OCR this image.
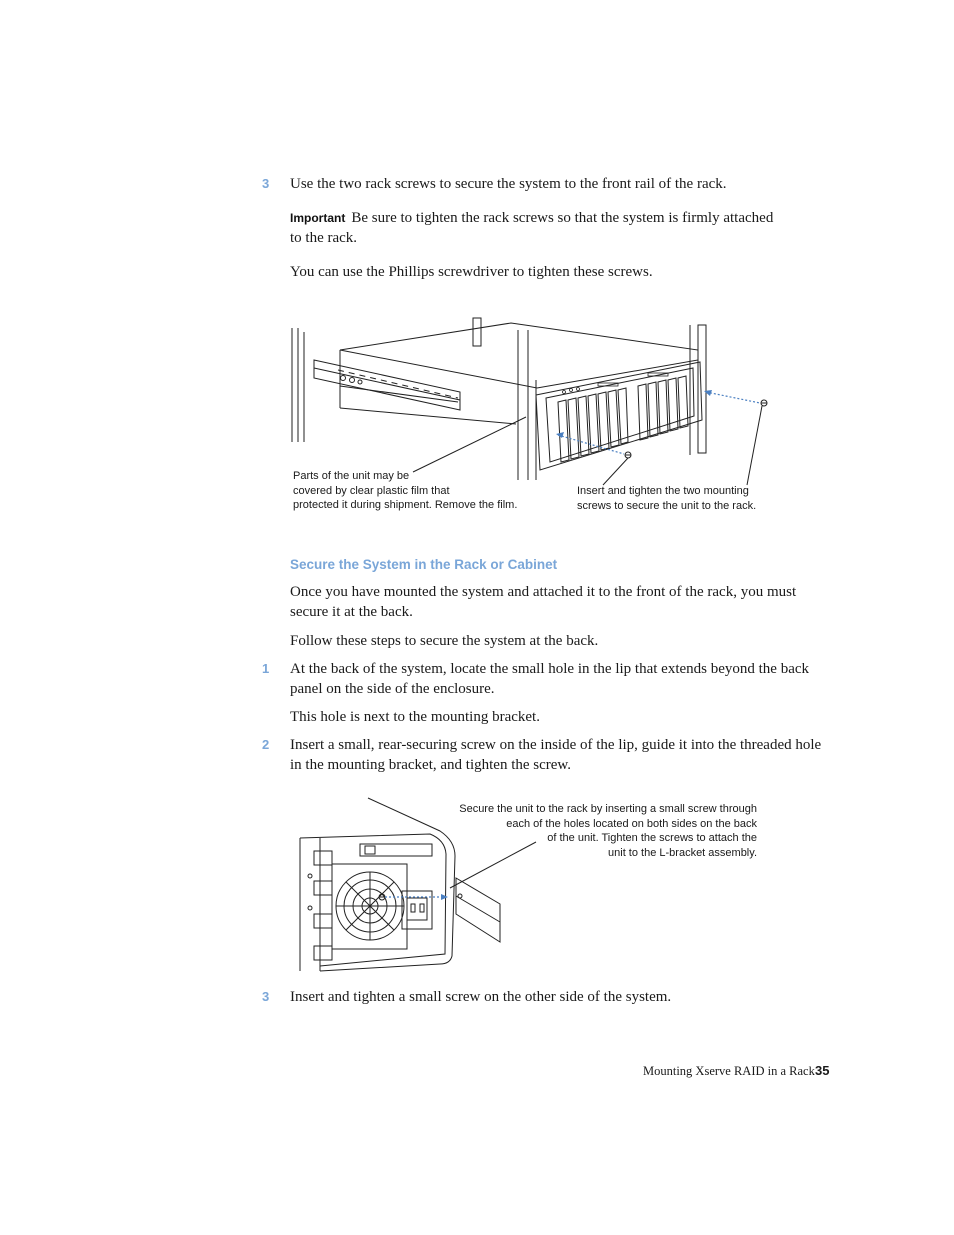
3 Use the two rack screws to secure the system to the front rail of the rack.
Important Be sure to tighten the rack screws so that the system is firmly attached to the rack.
You can use the Phillips screwdriver to tighten these screws.
Parts of the unit may be
covered by clear plastic film that
protected it during shipment. Remove the film.
Insert and tighten the two mounting
screws to secure the unit to the rack.
Secure the System in the Rack or Cabinet
Once you have mounted the system and attached it to the front of the rack, you must secure it at the back.
Follow these steps to secure the system at the back.
1 At the back of the system, locate the small hole in the lip that extends beyond the back panel on the side of the enclosure.
This hole is next to the mounting bracket.
2 Insert a small, rear-securing screw on the inside of the lip, guide it into the threaded hole in the mounting bracket, and tighten the screw.
Secure the unit to the rack by inserting a small screw through
each of the holes located on both sides on the back
of the unit. Tighten the screws to attach the
unit to the L-bracket assembly.
3 Insert and tighten a small screw on the other side of the system.
Mounting Xserve RAID in a Rack 35
